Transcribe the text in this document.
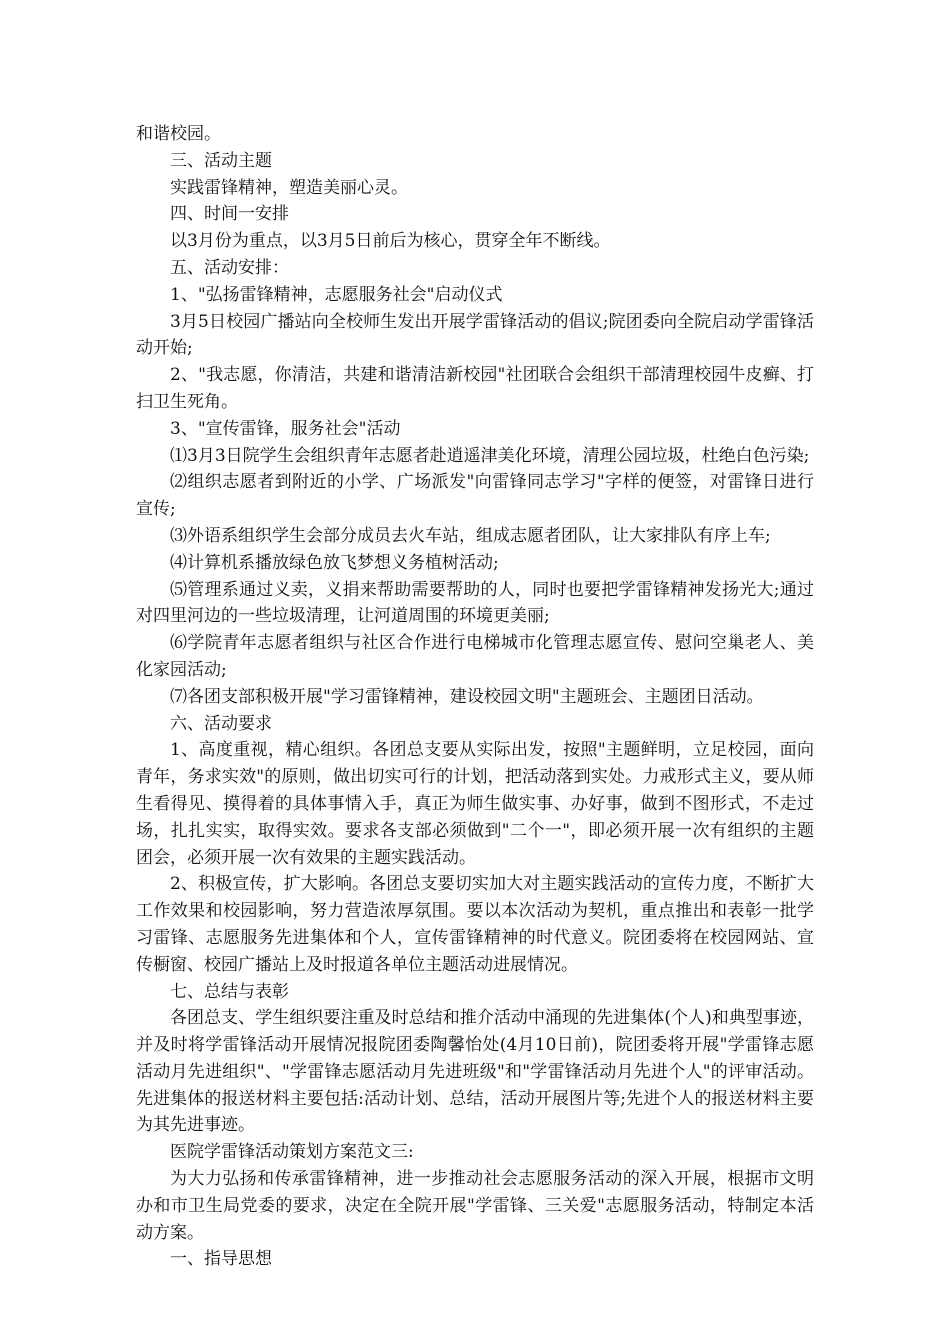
和谐校园。

三、活动主题

实践雷锋精神，塑造美丽心灵。

四、时间一安排

以3月份为重点，以3月5日前后为核心，贯穿全年不断线。

五、活动安排：

1、"弘扬雷锋精神，志愿服务社会"启动仪式

3月5日校园广播站向全校师生发出开展学雷锋活动的倡议;院团委向全院启动学雷锋活动开始;

2、"我志愿，你清洁，共建和谐清洁新校园"社团联合会组织干部清理校园牛皮癣、打扫卫生死角。

3、"宣传雷锋，服务社会"活动

⑴3月3日院学生会组织青年志愿者赴逍遥津美化环境，清理公园垃圾，杜绝白色污染;

⑵组织志愿者到附近的小学、广场派发"向雷锋同志学习"字样的便签，对雷锋日进行宣传;

⑶外语系组织学生会部分成员去火车站，组成志愿者团队，让大家排队有序上车;

⑷计算机系播放绿色放飞梦想义务植树活动;

⑸管理系通过义卖，义捐来帮助需要帮助的人，同时也要把学雷锋精神发扬光大;通过对四里河边的一些垃圾清理，让河道周围的环境更美丽;

⑹学院青年志愿者组织与社区合作进行电梯城市化管理志愿宣传、慰问空巢老人、美化家园活动;

⑺各团支部积极开展"学习雷锋精神，建设校园文明"主题班会、主题团日活动。

六、活动要求

1、高度重视，精心组织。各团总支要从实际出发，按照"主题鲜明，立足校园，面向青年，务求实效"的原则，做出切实可行的计划，把活动落到实处。力戒形式主义，要从师生看得见、摸得着的具体事情入手，真正为师生做实事、办好事，做到不图形式，不走过场，扎扎实实，取得实效。要求各支部必须做到"二个一"，即必须开展一次有组织的主题团会，必须开展一次有效果的主题实践活动。

2、积极宣传，扩大影响。各团总支要切实加大对主题实践活动的宣传力度，不断扩大工作效果和校园影响，努力营造浓厚氛围。要以本次活动为契机，重点推出和表彰一批学习雷锋、志愿服务先进集体和个人，宣传雷锋精神的时代意义。院团委将在校园网站、宣传橱窗、校园广播站上及时报道各单位主题活动进展情况。

七、总结与表彰

各团总支、学生组织要注重及时总结和推介活动中涌现的先进集体(个人)和典型事迹，并及时将学雷锋活动开展情况报院团委陶馨怡处(4月10日前)，院团委将开展"学雷锋志愿活动月先进组织"、"学雷锋志愿活动月先进班级"和"学雷锋活动月先进个人"的评审活动。先进集体的报送材料主要包括:活动计划、总结，活动开展图片等;先进个人的报送材料主要为其先进事迹。

医院学雷锋活动策划方案范文三:

为大力弘扬和传承雷锋精神，进一步推动社会志愿服务活动的深入开展，根据市文明办和市卫生局党委的要求，决定在全院开展"学雷锋、三关爱"志愿服务活动，特制定本活动方案。

一、指导思想
